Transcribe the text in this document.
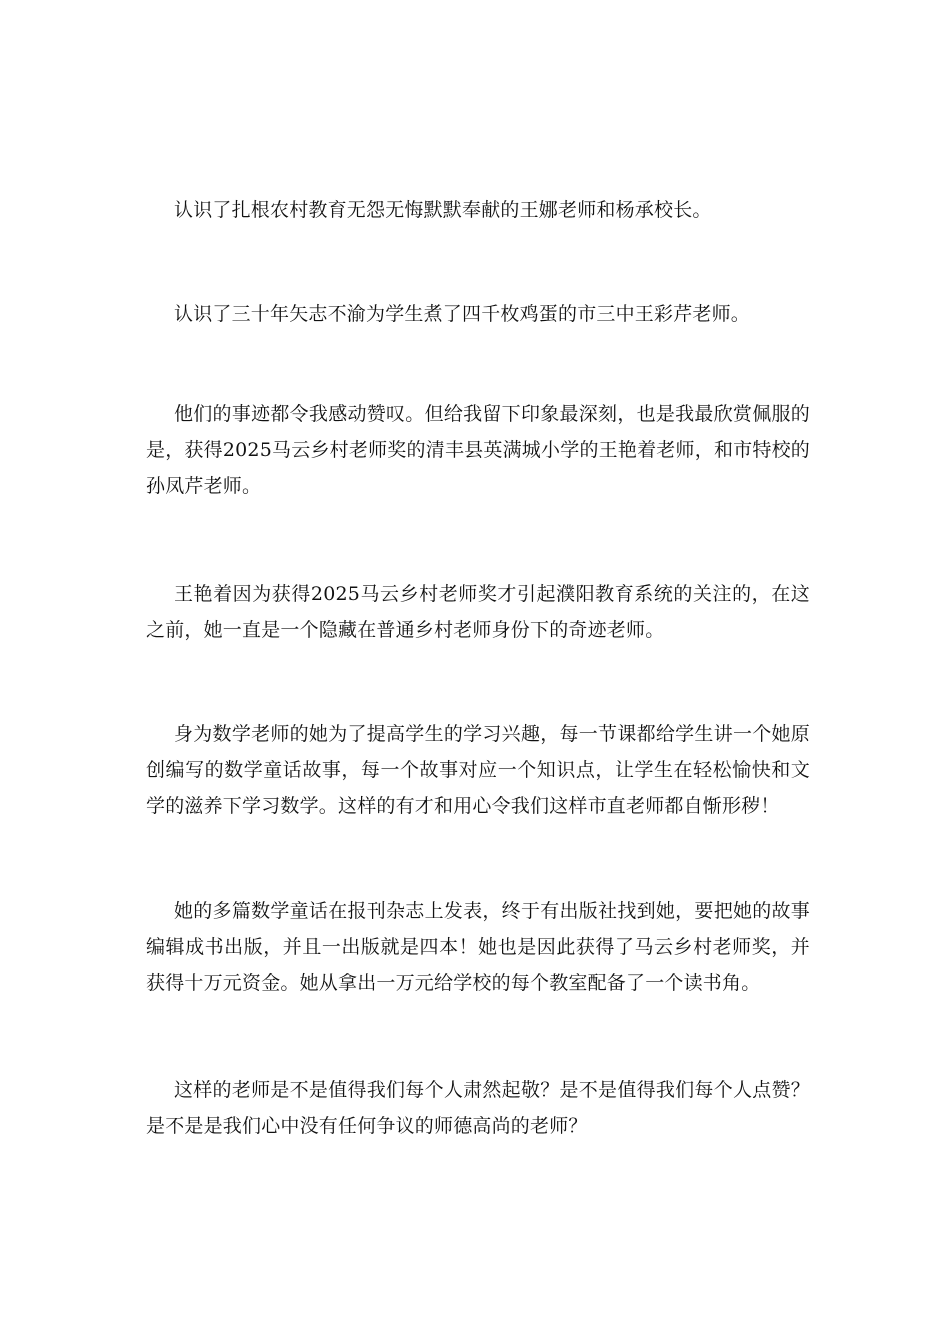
认识了扎根农村教育无怨无悔默默奉献的王娜老师和杨承校长。

认识了三十年矢志不渝为学生煮了四千枚鸡蛋的市三中王彩芹老师。

他们的事迹都令我感动赞叹。但给我留下印象最深刻，也是我最欣赏佩服的是，获得2025马云乡村老师奖的清丰县英满城小学的王艳着老师，和市特校的孙凤芹老师。

王艳着因为获得2025马云乡村老师奖才引起濮阳教育系统的关注的，在这之前，她一直是一个隐藏在普通乡村老师身份下的奇迹老师。

身为数学老师的她为了提高学生的学习兴趣，每一节课都给学生讲一个她原创编写的数学童话故事，每一个故事对应一个知识点，让学生在轻松愉快和文学的滋养下学习数学。这样的有才和用心令我们这样市直老师都自惭形秽！

她的多篇数学童话在报刊杂志上发表，终于有出版社找到她，要把她的故事编辑成书出版，并且一出版就是四本！她也是因此获得了马云乡村老师奖，并获得十万元资金。她从拿出一万元给学校的每个教室配备了一个读书角。

这样的老师是不是值得我们每个人肃然起敬？是不是值得我们每个人点赞？是不是是我们心中没有任何争议的师德高尚的老师？
